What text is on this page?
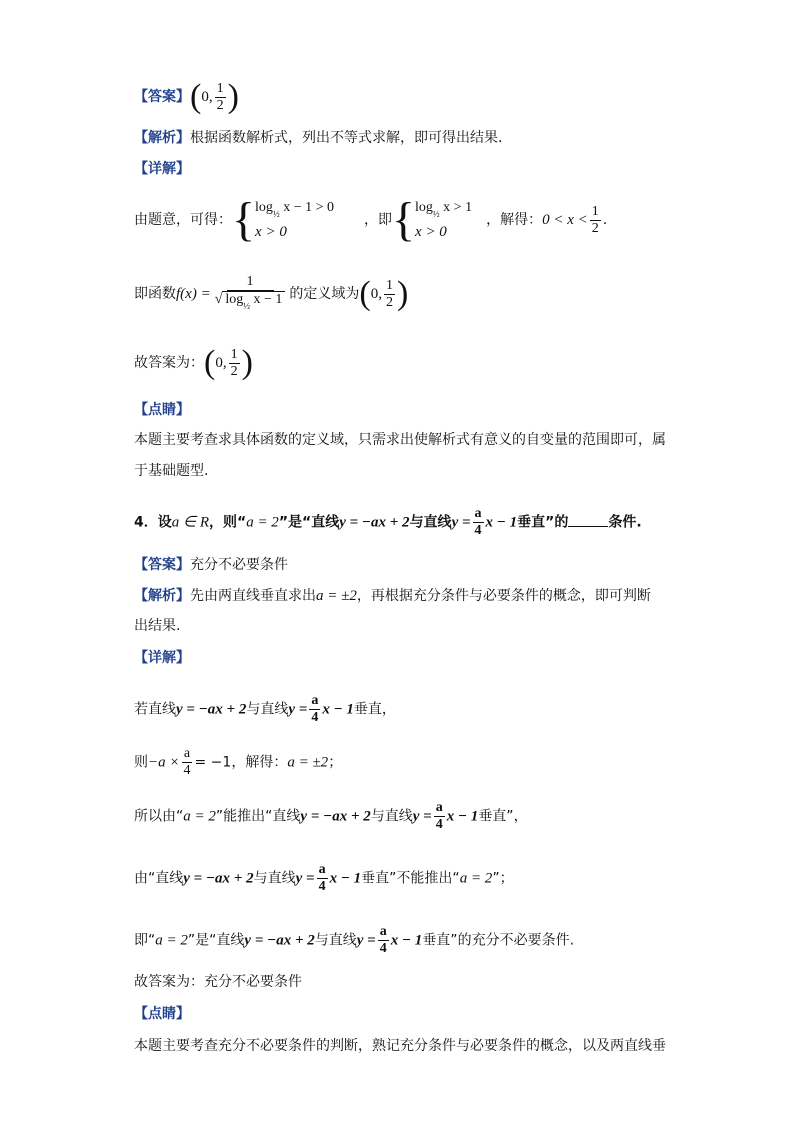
【答案】(0, $\frac{1}{2}$ )
【解析】根据函数解析式，列出不等式求解，即可得出结果.
【详解】
由题意，可得：{ $\log_{\frac{1}{2}} x - 1 > 0$
x > 0
，即{ $\log_{\frac{1}{2}} x > 1$
x > 0
，解得：$0 < x < \frac{1}{2}$ .
即函数$f(x) = \frac{1}{√ \log_{\frac{1}{2}} x - 1}$ 的定义域为(0, $\frac{1}{2}$ )
故答案为：(0, $\frac{1}{2}$ )
【点睛】
本题主要考查求具体函数的定义域，只需求出使解析式有意义的自变量的范围即可，属
于基础题型.
4．设a ∈ R，则“a = 2”是“直线y = −ax + 2与直线$y = \frac{a}{4}$ x − 1垂直”的	条件.
【答案】充分不必要条件
【解析】先由两直线垂直求出a = ±2，再根据充分条件与必要条件的概念，即可判断
出结果.
【详解】
若直线y = −ax + 2与直线$y = \frac{a}{4}$ x − 1垂直，
则$-a \times \frac{a}{4} = -1$，解得：a = ±2；
所以由“a = 2”能推出“直线y = −ax + 2与直线$y = \frac{a}{4}$ x − 1垂直”，
由“直线y = −ax + 2与直线$y = \frac{a}{4}$ x − 1垂直”不能推出“a = 2”；
即“a = 2”是“直线y = −ax + 2与直线$y = \frac{a}{4}$ x − 1垂直”的充分不必要条件.
故答案为：充分不必要条件
【点睛】
本题主要考查充分不必要条件的判断，熟记充分条件与必要条件的概念，以及两直线垂
